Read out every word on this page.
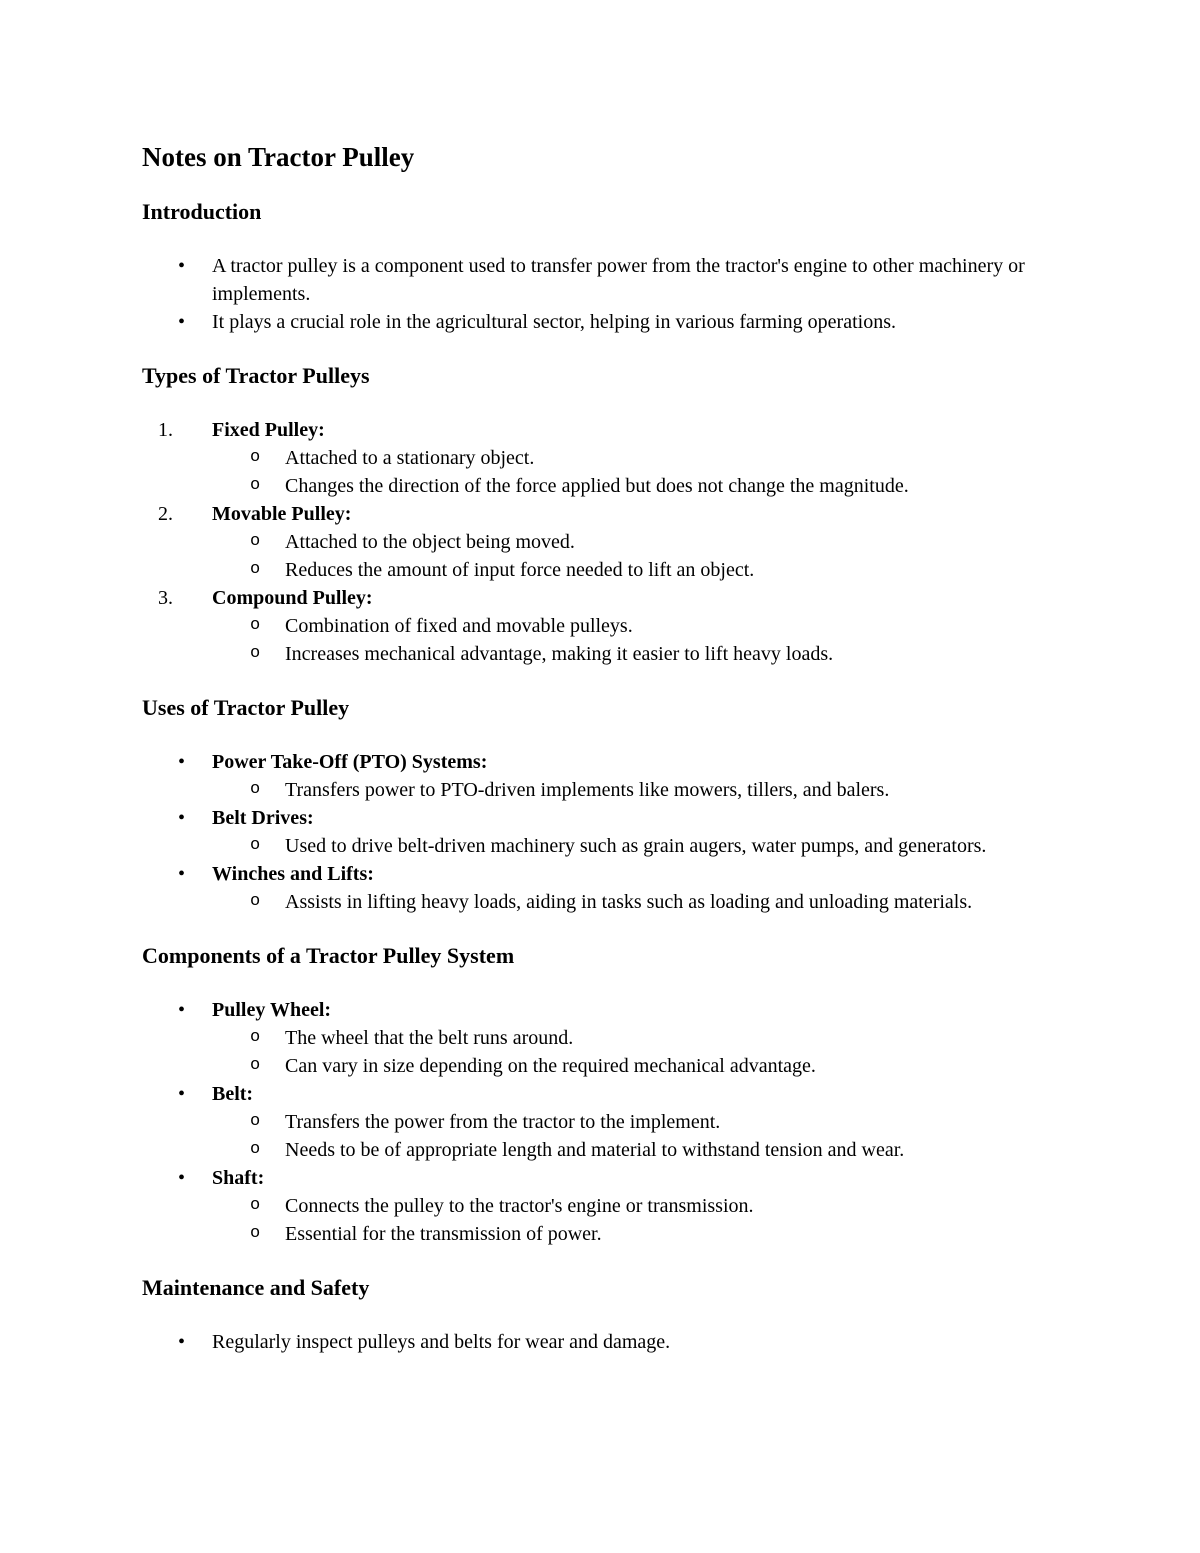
Notes on Tractor Pulley
Introduction
• A tractor pulley is a component used to transfer power from the tractor's engine to other machinery or implements.
• It plays a crucial role in the agricultural sector, helping in various farming operations.
Types of Tractor Pulleys
1.	Fixed Pulley:
o Attached to a stationary object.
o Changes the direction of the force applied but does not change the magnitude.
2.	Movable Pulley:
o Attached to the object being moved.
o Reduces the amount of input force needed to lift an object.
3.	Compound Pulley:
o Combination of fixed and movable pulleys.
o Increases mechanical advantage, making it easier to lift heavy loads.
Uses of Tractor Pulley
• Power Take-Off (PTO) Systems:
o Transfers power to PTO-driven implements like mowers, tillers, and balers.
• Belt Drives:
o Used to drive belt-driven machinery such as grain augers, water pumps, and generators.
• Winches and Lifts:
o Assists in lifting heavy loads, aiding in tasks such as loading and unloading materials.
Components of a Tractor Pulley System
• Pulley Wheel:
o The wheel that the belt runs around.
o Can vary in size depending on the required mechanical advantage.
• Belt:
o Transfers the power from the tractor to the implement.
o Needs to be of appropriate length and material to withstand tension and wear.
• Shaft:
o Connects the pulley to the tractor's engine or transmission.
o Essential for the transmission of power.
Maintenance and Safety
• Regularly inspect pulleys and belts for wear and damage.
